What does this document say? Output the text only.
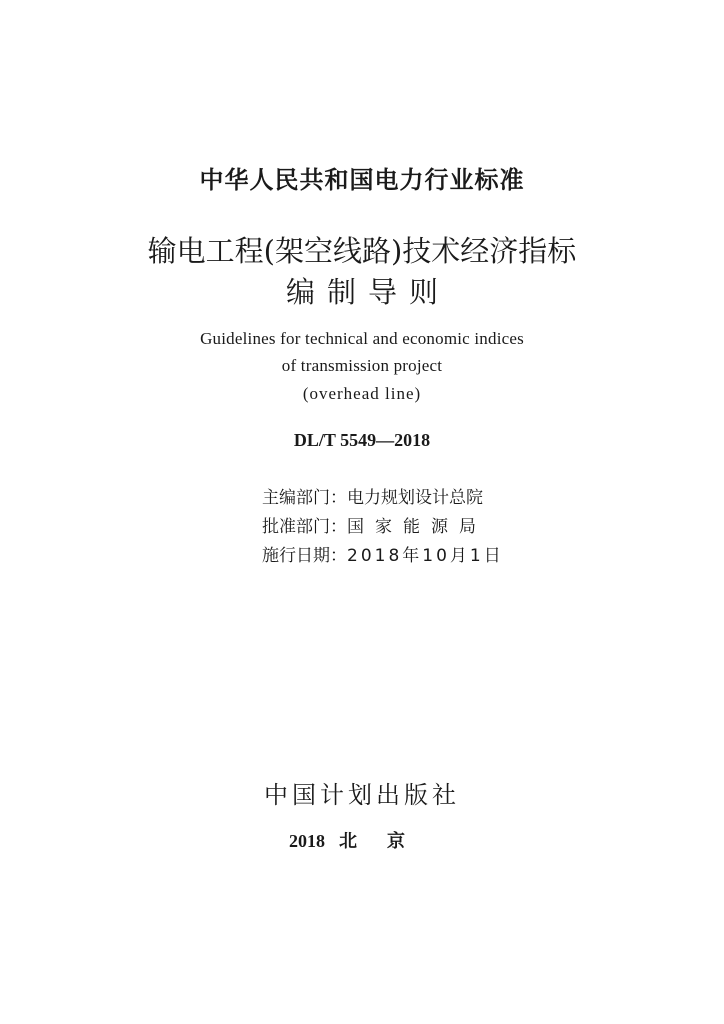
中华人民共和国电力行业标准
输电工程(架空线路)技术经济指标
编制导则
Guidelines for technical and economic indices
of transmission project
(overhead line)
DL/T 5549—2018
主编部门：电力规划设计总院
批准部门：国家能源局
施行日期：2018年10月1日
中国计划出版社
2018 北京
